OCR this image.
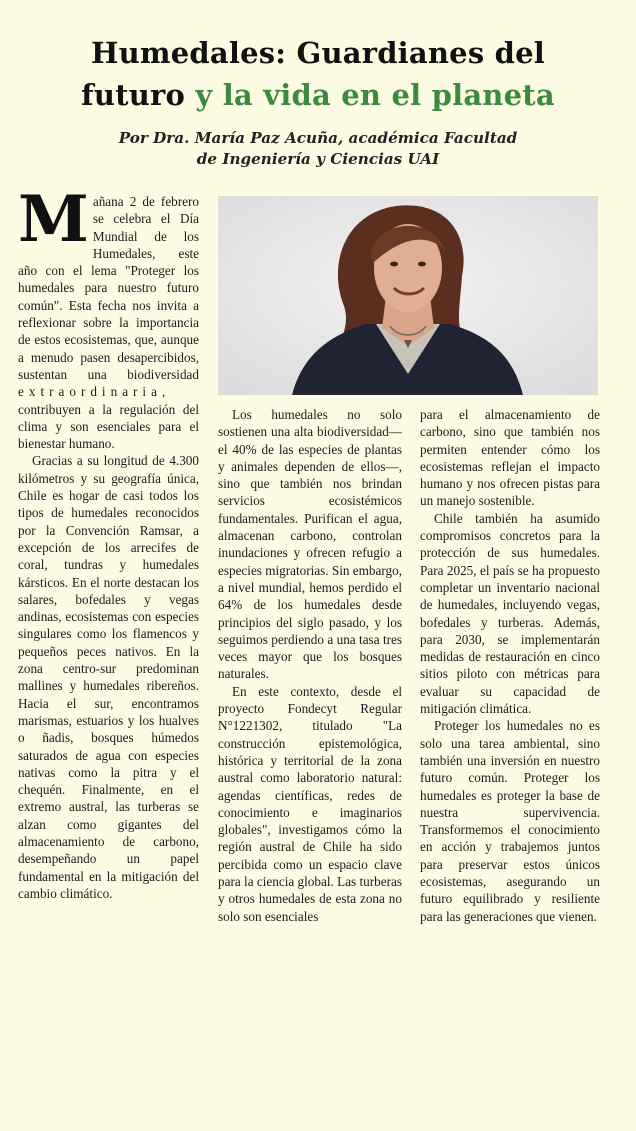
Humedales: Guardianes del
futuro y la vida en el planeta
Por Dra. María Paz Acuña, académica Facultad
de Ingeniería y Ciencias UAI

Mañana 2 de febrero se celebra el Día Mundial de los Humedales, este año con el lema "Proteger los humedales para nuestro futuro común". Esta fecha nos invita a reflexionar sobre la importancia de estos ecosistemas, que, aunque a menudo pasen desapercibidos, sustentan una biodiversidad extraordinaria, contribuyen a la regulación del clima y son esenciales para el bienestar humano.

Gracias a su longitud de 4.300 kilómetros y su geografía única, Chile es hogar de casi todos los tipos de humedales reconocidos por la Convención Ramsar, a excepción de los arrecifes de coral, tundras y humedales kársticos. En el norte destacan los salares, bofedales y vegas andinas, ecosistemas con especies singulares como los flamencos y pequeños peces nativos. En la zona centro-sur predominan mallines y humedales ribereños. Hacia el sur, encontramos marismas, estuarios y los hualves o ñadis, bosques húmedos saturados de agua con especies nativas como la pitra y el chequén. Finalmente, en el extremo austral, las turberas se alzan como gigantes del almacenamiento de carbono, desempeñando un papel fundamental en la mitigación del cambio climático.

Los humedales no solo sostienen una alta biodiversidad—el 40% de las especies de plantas y animales dependen de ellos—, sino que también nos brindan servicios ecosistémicos fundamentales. Purifican el agua, almacenan carbono, controlan inundaciones y ofrecen refugio a especies migratorias. Sin embargo, a nivel mundial, hemos perdido el 64% de los humedales desde principios del siglo pasado, y los seguimos perdiendo a una tasa tres veces mayor que los bosques naturales.

En este contexto, desde el proyecto Fondecyt Regular N°1221302, titulado "La construcción epistemológica, histórica y territorial de la zona austral como laboratorio natural: agendas científicas, redes de conocimiento e imaginarios globales", investigamos cómo la región austral de Chile ha sido percibida como un espacio clave para la ciencia global. Las turberas y otros humedales de esta zona no solo son esenciales

para el almacenamiento de carbono, sino que también nos permiten entender cómo los ecosistemas reflejan el impacto humano y nos ofrecen pistas para un manejo sostenible.

Chile también ha asumido compromisos concretos para la protección de sus humedales. Para 2025, el país se ha propuesto completar un inventario nacional de humedales, incluyendo vegas, bofedales y turberas. Además, para 2030, se implementarán medidas de restauración en cinco sitios piloto con métricas para evaluar su capacidad de mitigación climática.

Proteger los humedales no es solo una tarea ambiental, sino también una inversión en nuestro futuro común. Proteger los humedales es proteger la base de nuestra supervivencia. Transformemos el conocimiento en acción y trabajemos juntos para preservar estos únicos ecosistemas, asegurando un futuro equilibrado y resiliente para las generaciones que vienen.
